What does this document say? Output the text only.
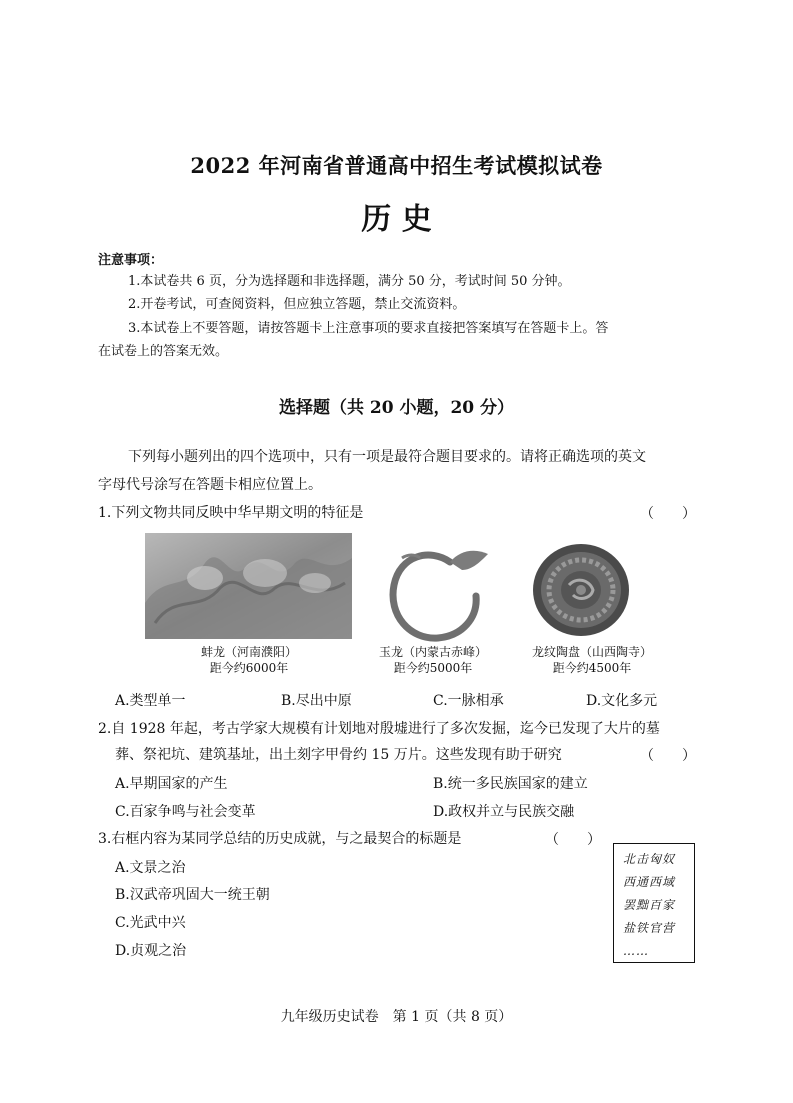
2022 年河南省普通高中招生考试模拟试卷
历 史
注意事项：
1.本试卷共 6 页，分为选择题和非选择题，满分 50 分，考试时间 50 分钟。
2.开卷考试，可查阅资料，但应独立答题，禁止交流资料。
3.本试卷上不要答题，请按答题卡上注意事项的要求直接把答案填写在答题卡上。答
在试卷上的答案无效。
选择题（共 20 小题，20 分）
下列每小题列出的四个选项中，只有一项是最符合题目要求的。请将正确选项的英文
字母代号涂写在答题卡相应位置上。
1.下列文物共同反映中华早期文明的特征是	（　　）
蚌龙（河南濮阳）
距今约6000年
玉龙（内蒙古赤峰）
距今约5000年
龙纹陶盘（山西陶寺）
距今约4500年
A.类型单一	B.尽出中原	C.一脉相承	D.文化多元
2.自 1928 年起，考古学家大规模有计划地对殷墟进行了多次发掘，迄今已发现了大片的墓
葬、祭祀坑、建筑基址，出土刻字甲骨约 15 万片。这些发现有助于研究	（　　）
A.早期国家的产生	B.统一多民族国家的建立
C.百家争鸣与社会变革	D.政权并立与民族交融
3.右框内容为某同学总结的历史成就，与之最契合的标题是	（　　）
A.文景之治
B.汉武帝巩固大一统王朝
C.光武中兴
D.贞观之治
北击匈奴
西通西域
罢黜百家
盐铁官营
……
九年级历史试卷　第 1 页（共 8 页）
